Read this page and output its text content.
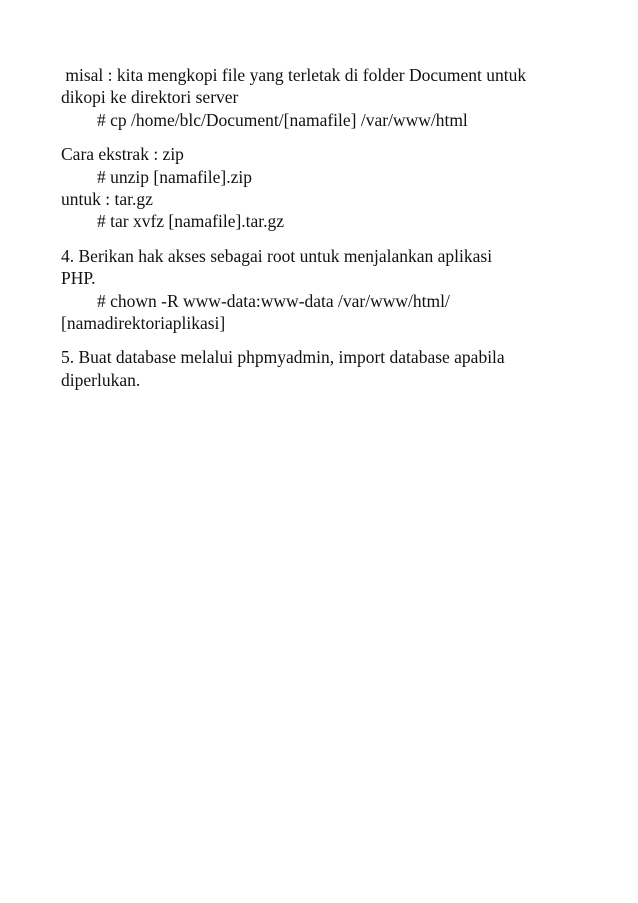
misal : kita mengkopi file yang terletak di folder Document untuk
dikopi ke direktori server
# cp /home/blc/Document/[namafile] /var/www/html
Cara ekstrak : zip
# unzip [namafile].zip
untuk : tar.gz
# tar xvfz [namafile].tar.gz
4. Berikan hak akses sebagai root untuk menjalankan aplikasi
PHP.
# chown -R www-data:www-data /var/www/html/
[namadirektoriaplikasi]
5. Buat database melalui phpmyadmin, import database apabila
diperlukan.
